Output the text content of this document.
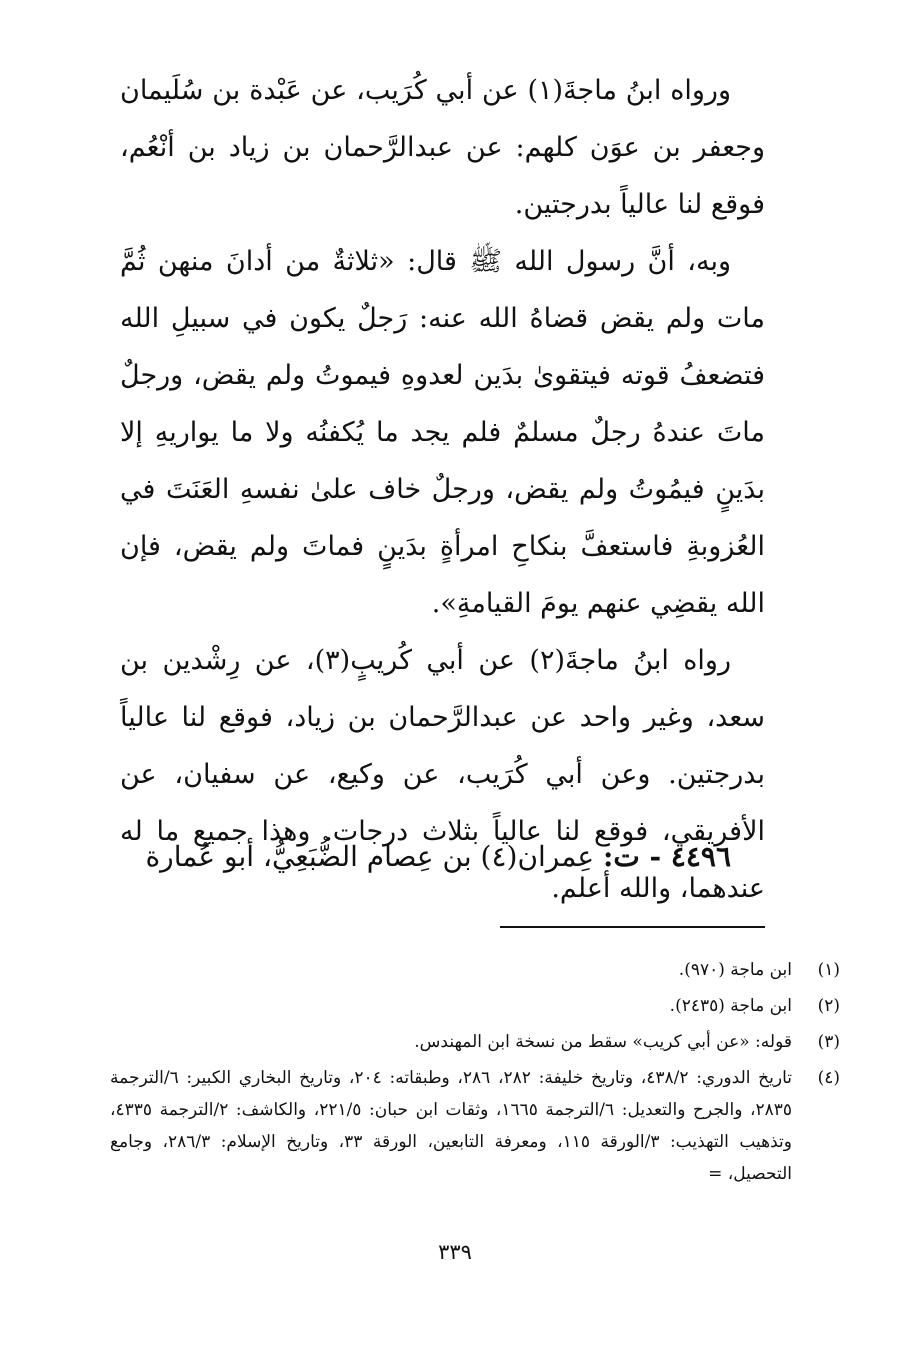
ورواه ابنُ ماجةَ(١) عن أبي كُرَيب، عن عَبْدة بن سُلَيمان وجعفر بن عوَن كلهم: عن عبدالرَّحمان بن زياد بن أنْعُم، فوقع لنا عالياً بدرجتين.

وبه، أنَّ رسول الله ﷺ قال: «ثلاثةٌ من أدانَ منهن ثُمَّ مات ولم يقض قضاهُ الله عنه: رَجلٌ يكون في سبيلِ الله فتضعفُ قوته فيتقوىٰ بدَين لعدوهِ فيموتُ ولم يقض، ورجلٌ ماتَ عندهُ رجلٌ مسلمٌ فلم يجد ما يُكفنُه ولا ما يواريهِ إلا بدَينٍ فيمُوتُ ولم يقض، ورجلٌ خاف علىٰ نفسهِ العَنَتَ في العُزوبةِ فاستعفَّ بنكاحِ امرأةٍ بدَينٍ فماتَ ولم يقض، فإن الله يقضِي عنهم يومَ القيامةِ».

رواه ابنُ ماجةَ(٢) عن أبي كُريبٍ(٣)، عن رِشْدين بن سعد، وغير واحد عن عبدالرَّحمان بن زياد، فوقع لنا عالياً بدرجتين. وعن أبي كُرَيب، عن وكيع، عن سفيان، عن الأفريقي، فوقع لنا عالياً بثلاث درجات. وهذا جميع ما له عندهما، والله أعلم.

٤٤٩٦ - ت: عِمران(٤) بن عِصام الضُّبَعِيُّ، أبو عُمارة
(١)
ابن ماجة (٩٧٠).
(٢)
ابن ماجة (٢٤٣٥).
(٣)
قوله: «عن أبي كريب» سقط من نسخة ابن المهندس.
(٤)
تاريخ الدوري: ٤٣٨/٢، وتاريخ خليفة: ٢٨٢، ٢٨٦، وطبقاته: ٢٠٤، وتاريخ البخاري الكبير: ٦/الترجمة ٢٨٣٥، والجرح والتعديل: ٦/الترجمة ١٦٦٥، وثقات ابن حبان: ٢٢١/٥، والكاشف: ٢/الترجمة ٤٣٣٥، وتذهيب التهذيب: ٣/الورقة ١١٥، ومعرفة التابعين، الورقة ٣٣، وتاريخ الإسلام: ٢٨٦/٣، وجامع التحصيل، =
٣٣٩
